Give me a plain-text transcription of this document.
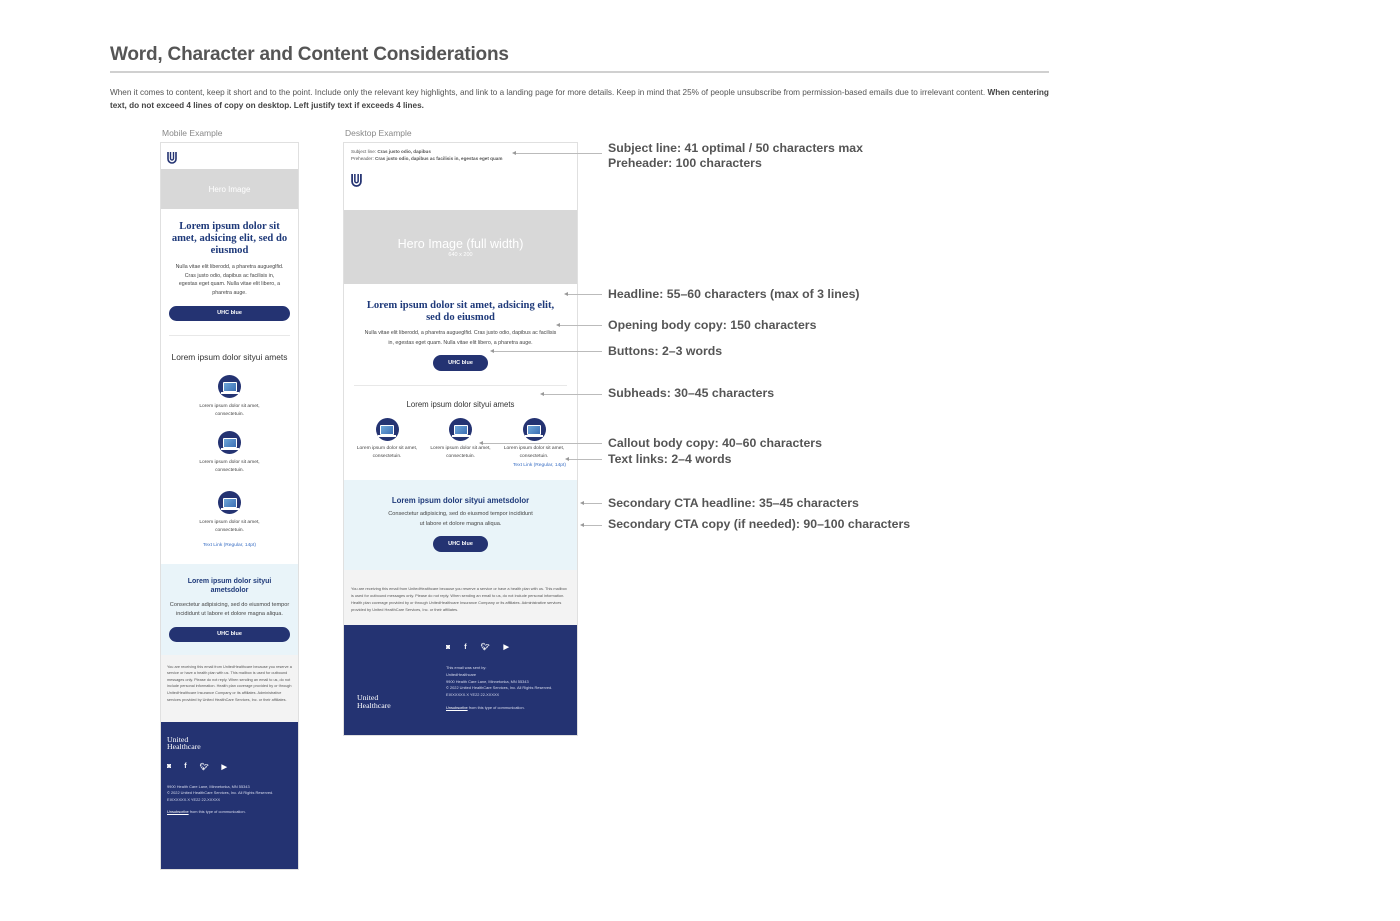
Word, Character and Content Considerations
When it comes to content, keep it short and to the point. Include only the relevant key highlights, and link to a landing page for more details. Keep in mind that 25% of people unsubscribe from permission-based emails due to irrelevant content. When centering text, do not exceed 4 lines of copy on desktop. Left justify text if exceeds 4 lines.
Mobile Example
Hero Image
Lorem ipsum dolor sit amet, adsicing elit, sed do eiusmod
Nulla vitae elit liberodd, a pharetra augueglfid. Cras justo odio, dapibus ac facilisis in, egestas eget quam. Nulla vitae elit libero, a pharetra auge.
UHC blue
Lorem ipsum dolor sityui amets
Lorem ipsum dolor sit amet, consectetuin.
Lorem ipsum dolor sit amet, consectetuin.
Lorem ipsum dolor sit amet, consectetuin.
Text Link (Regular, 14pt)
Lorem ipsum dolor sityui ametsdolor
Consectetur adipisicing, sed do eiusmod tempor incididunt ut labore et dolore magna aliqua.
UHC blue
You are receiving this email from UnitedHealthcare because you reserve a service or have a health plan with us. This mailbox is used for outbound messages only. Please do not reply. When sending an email to us, do not include personal information. Health plan coverage provided by or through UnitedHealthcare Insurance Company or its affiliates. Administrative services provided by United HealthCare Services, Inc. or their affiliates.
United
Healthcare
◙ f 🐦︎ ▶
9900 Health Care Lane, Minnetonka, MN 55343
© 2022 United HealthCare Services, Inc. All Rights Reserved.
EIXXXXXX.X YE22 22-XXXXX
Unsubscribe from this type of communication.
Desktop Example
Subject line: Cras justo odio, dapibus
Preheader: Cras justo odio, dapibus ac facilisis in, egestas eget quam
Hero Image (full width)
640 x 200
Lorem ipsum dolor sit amet, adsicing elit, sed do eiusmod
Nulla vitae elit liberodd, a pharetra augueglfid. Cras justo odio, dapibus ac facilisis in, egestas eget quam. Nulla vitae elit libero, a pharetra auge.
UHC blue
Lorem ipsum dolor sityui amets
Lorem ipsum dolor sit amet, consectetuin.
Lorem ipsum dolor sit amet, consectetuin.
Lorem ipsum dolor sit amet, consectetuin.
Text Link (Regular, 14pt)
Lorem ipsum dolor sityui ametsdolor
Consectetur adipisicing, sed do eiusmod tempor incididunt ut labore et dolore magna aliqua.
UHC blue
You are receiving this email from UnitedHealthcare because you reserve a service or have a health plan with us. This mailbox is used for outbound messages only. Please do not reply. When sending an email to us, do not include personal information. Health plan coverage provided by or through UnitedHealthcare Insurance Company or its affiliates. Administrative services provided by United HealthCare Services, Inc. or their affiliates.
◙ f 🐦︎ ▶
United
Healthcare
This email was sent by:
UnitedHealthcare
9900 Health Care Lane, Minnetonka, MN 55343
© 2022 United HealthCare Services, Inc. All Rights Reserved.
EIXXXXXX.X YE22 22-XXXXX
Unsubscribe from this type of communication.
Subject line: 41 optimal / 50 characters max
Preheader: 100 characters
Headline: 55–60 characters (max of 3 lines)
Opening body copy: 150 characters
Buttons: 2–3 words
Subheads: 30–45 characters
Callout body copy: 40–60 characters
Text links: 2–4 words
Secondary CTA headline: 35–45 characters
Secondary CTA copy (if needed): 90–100 characters
